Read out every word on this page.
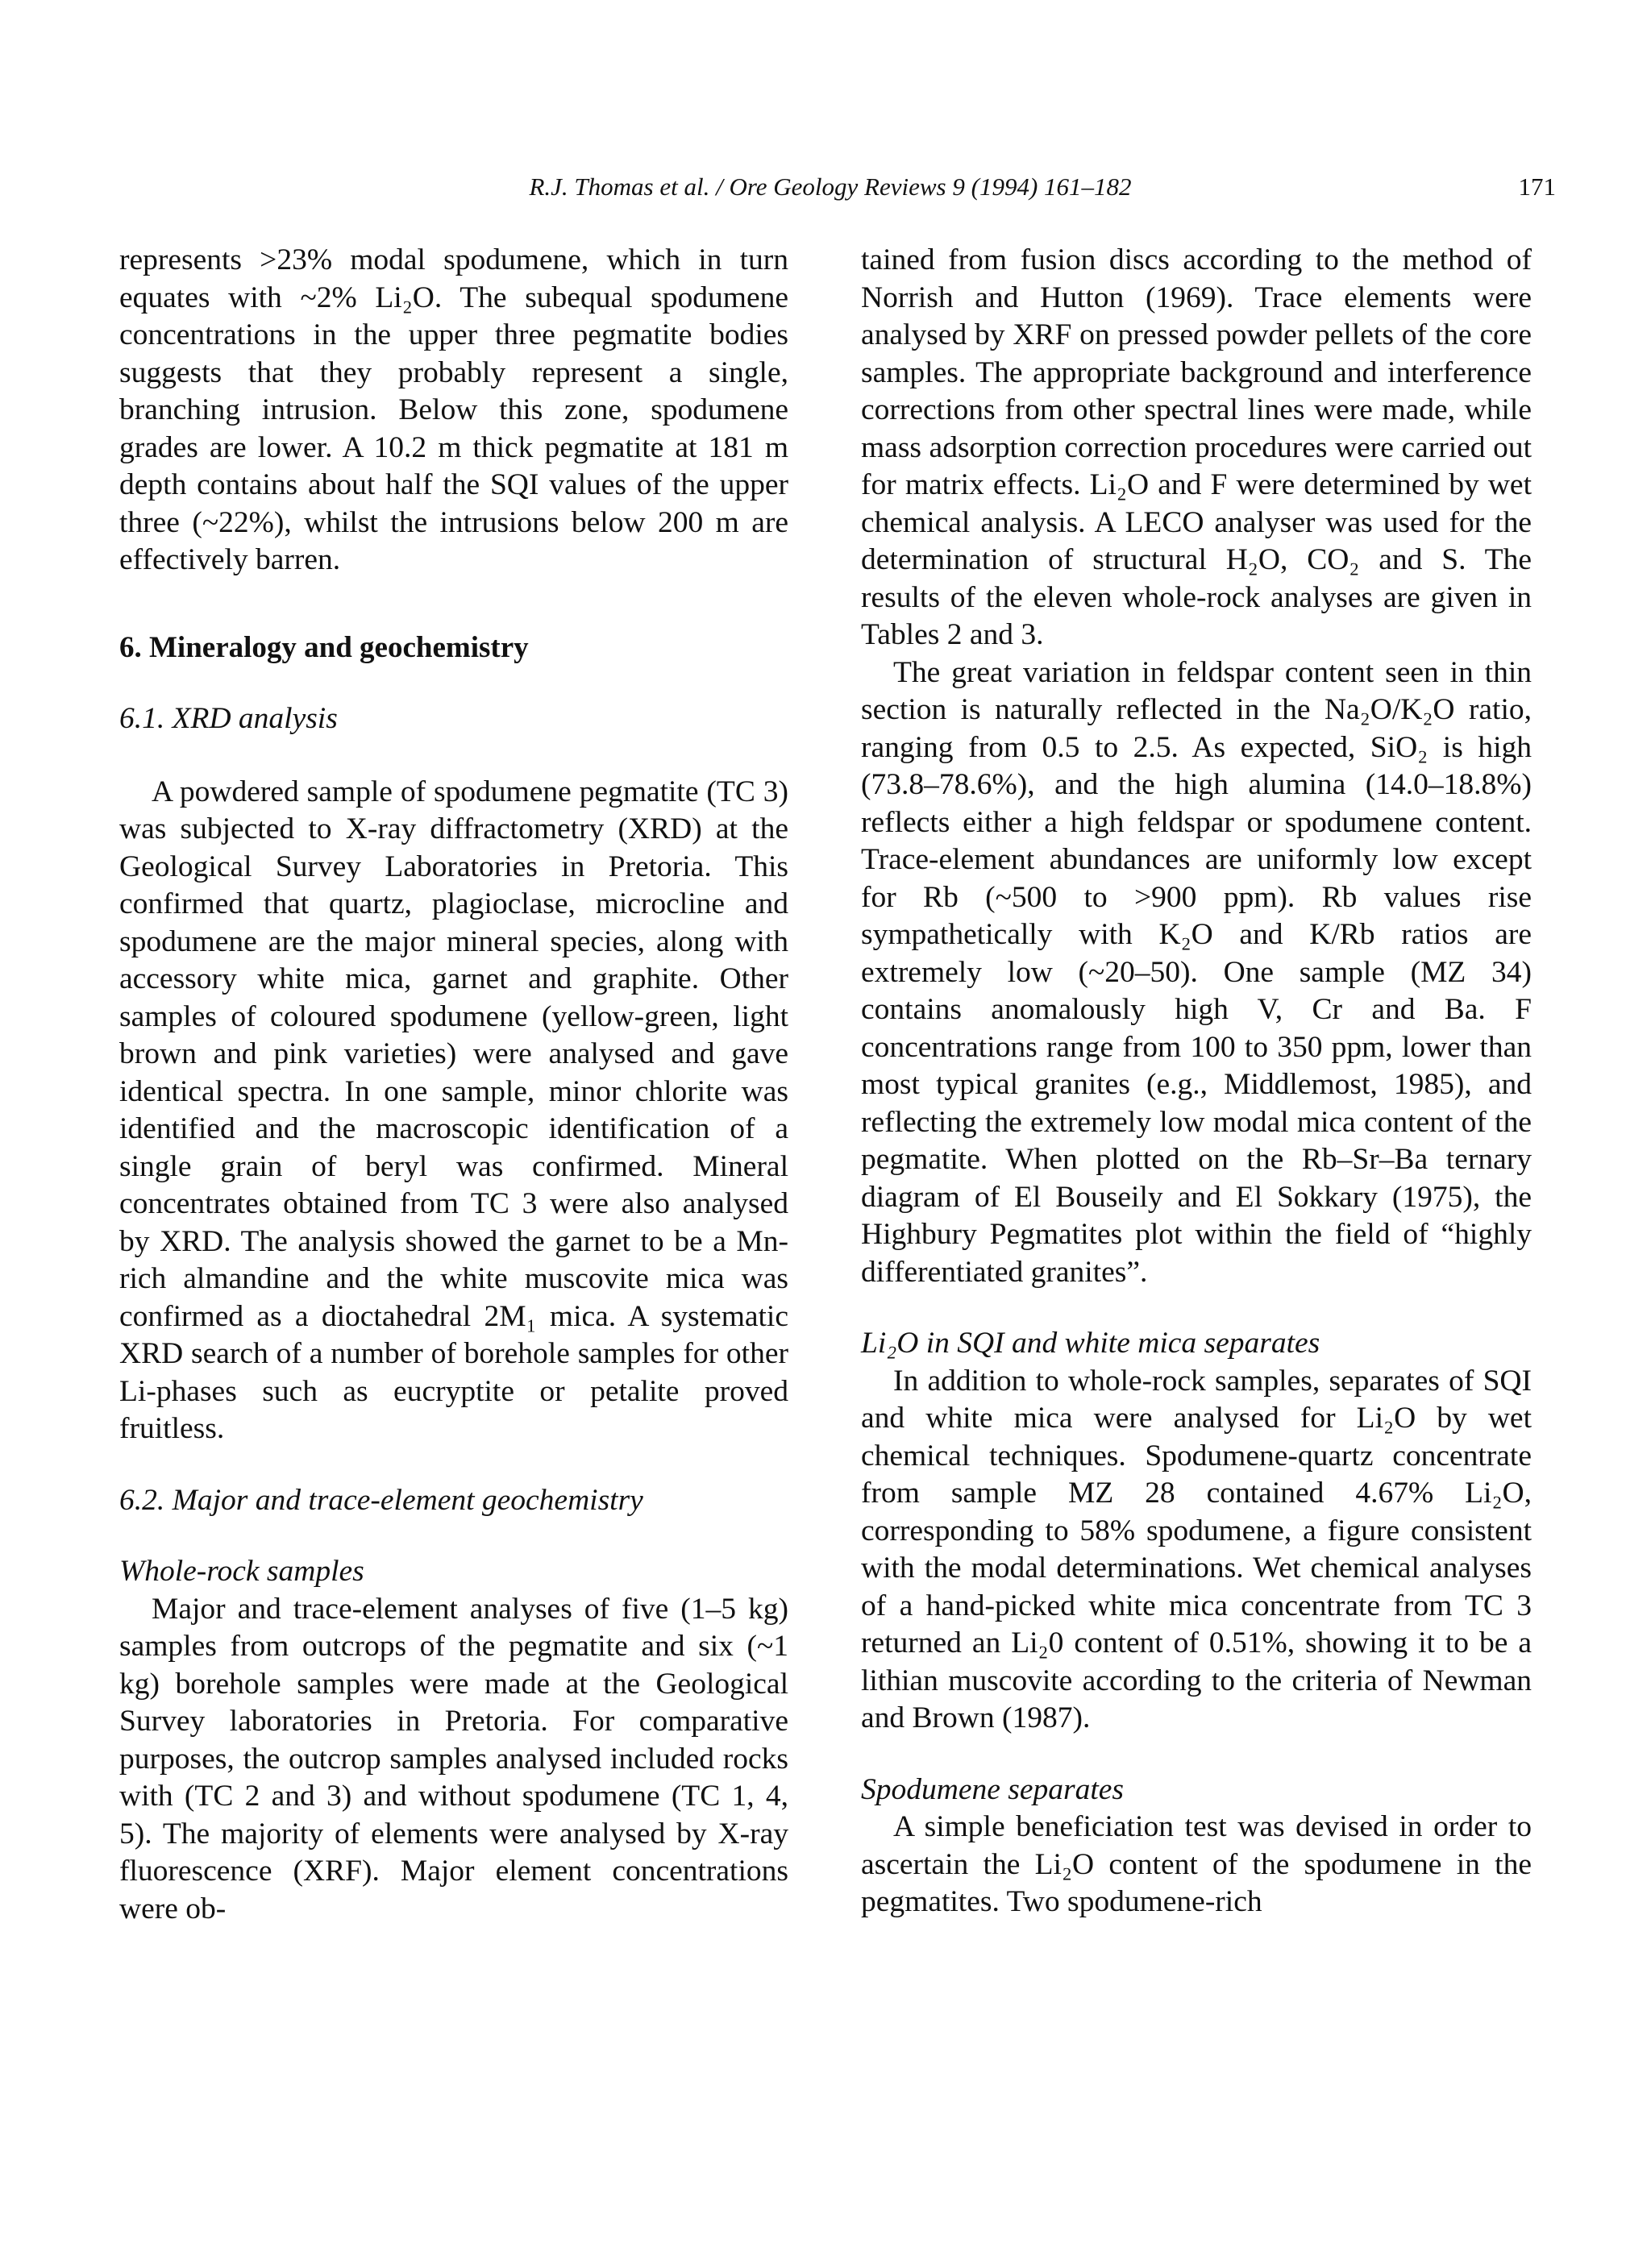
R.J. Thomas et al. / Ore Geology Reviews 9 (1994) 161–182	171

represents >23% modal spodumene, which in turn equates with ~2% Li₂O. The subequal spodumene concentrations in the upper three pegmatite bodies suggests that they probably represent a single, branching intrusion. Below this zone, spodumene grades are lower. A 10.2 m thick pegmatite at 181 m depth contains about half the SQI values of the upper three (~22%), whilst the intrusions below 200 m are effectively barren.

6. Mineralogy and geochemistry

6.1. XRD analysis

A powdered sample of spodumene pegmatite (TC 3) was subjected to X-ray diffractometry (XRD) at the Geological Survey Laboratories in Pretoria. This confirmed that quartz, plagioclase, microcline and spodumene are the major mineral species, along with accessory white mica, garnet and graphite. Other samples of coloured spodumene (yellow-green, light brown and pink varieties) were analysed and gave identical spectra. In one sample, minor chlorite was identified and the macroscopic identification of a single grain of beryl was confirmed. Mineral concentrates obtained from TC 3 were also analysed by XRD. The analysis showed the garnet to be a Mn-rich almandine and the white muscovite mica was confirmed as a dioctahedral 2M₁ mica. A systematic XRD search of a number of borehole samples for other Li-phases such as eucryptite or petalite proved fruitless.

6.2. Major and trace-element geochemistry

Whole-rock samples

Major and trace-element analyses of five (1–5 kg) samples from outcrops of the pegmatite and six (~1 kg) borehole samples were made at the Geological Survey laboratories in Pretoria. For comparative purposes, the outcrop samples analysed included rocks with (TC 2 and 3) and without spodumene (TC 1, 4, 5). The majority of elements were analysed by X-ray fluorescence (XRF). Major element concentrations were ob-

tained from fusion discs according to the method of Norrish and Hutton (1969). Trace elements were analysed by XRF on pressed powder pellets of the core samples. The appropriate background and interference corrections from other spectral lines were made, while mass adsorption correction procedures were carried out for matrix effects. Li₂O and F were determined by wet chemical analysis. A LECO analyser was used for the determination of structural H₂O, CO₂ and S. The results of the eleven whole-rock analyses are given in Tables 2 and 3.

The great variation in feldspar content seen in thin section is naturally reflected in the Na₂O/K₂O ratio, ranging from 0.5 to 2.5. As expected, SiO₂ is high (73.8–78.6%), and the high alumina (14.0–18.8%) reflects either a high feldspar or spodumene content. Trace-element abundances are uniformly low except for Rb (~500 to >900 ppm). Rb values rise sympathetically with K₂O and K/Rb ratios are extremely low (~20–50). One sample (MZ 34) contains anomalously high V, Cr and Ba. F concentrations range from 100 to 350 ppm, lower than most typical granites (e.g., Middlemost, 1985), and reflecting the extremely low modal mica content of the pegmatite. When plotted on the Rb–Sr–Ba ternary diagram of El Bouseily and El Sokkary (1975), the Highbury Pegmatites plot within the field of “highly differentiated granites”.

Li₂O in SQI and white mica separates

In addition to whole-rock samples, separates of SQI and white mica were analysed for Li₂O by wet chemical techniques. Spodumene-quartz concentrate from sample MZ 28 contained 4.67% Li₂O, corresponding to 58% spodumene, a figure consistent with the modal determinations. Wet chemical analyses of a hand-picked white mica concentrate from TC 3 returned an Li₂0 content of 0.51%, showing it to be a lithian muscovite according to the criteria of Newman and Brown (1987).

Spodumene separates

A simple beneficiation test was devised in order to ascertain the Li₂O content of the spodumene in the pegmatites. Two spodumene-rich
